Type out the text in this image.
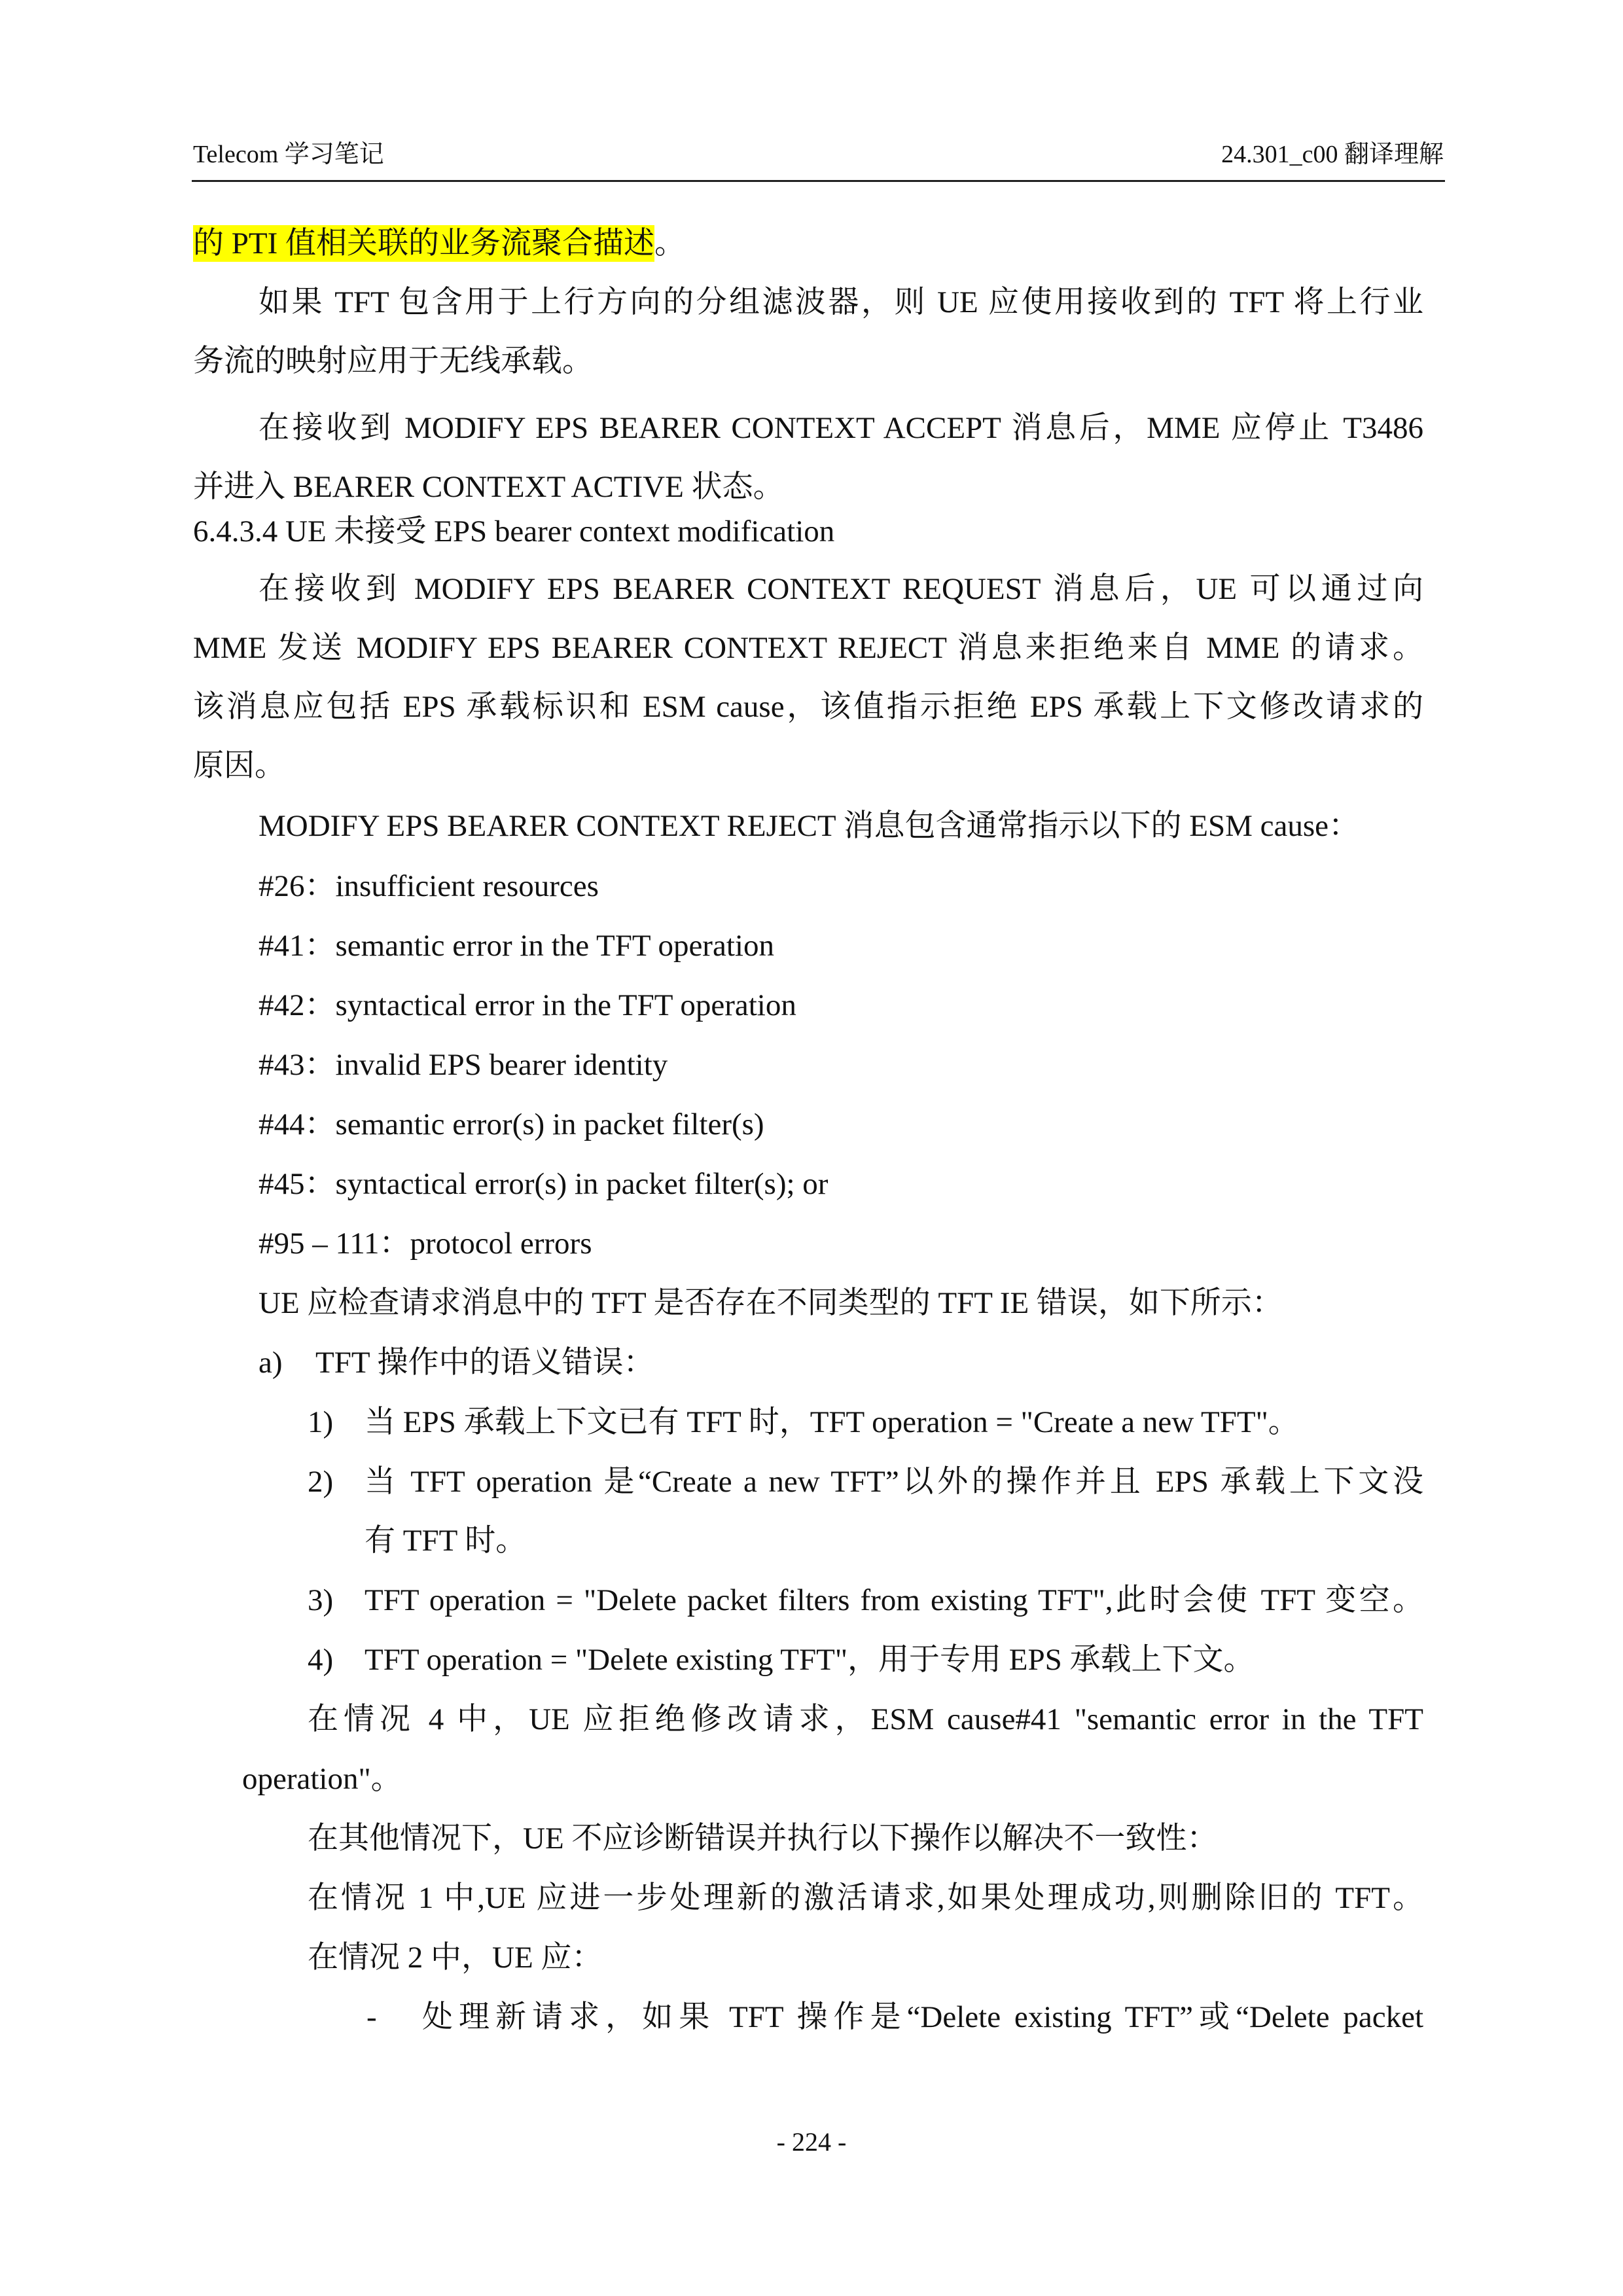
Telecom 学习笔记	24.301_c00 翻译理解
的 PTI 值相关联的业务流聚合描述。
如果 TFT 包含用于上行方向的分组滤波器，则 UE 应使用接收到的 TFT 将上行业
务流的映射应用于无线承载。
在接收到 MODIFY EPS BEARER CONTEXT ACCEPT 消息后，MME 应停止 T3486
并进入 BEARER CONTEXT ACTIVE 状态。
6.4.3.4 UE 未接受 EPS bearer context modification
在接收到 MODIFY EPS BEARER CONTEXT REQUEST 消息后，UE 可以通过向
MME 发送 MODIFY EPS BEARER CONTEXT REJECT 消息来拒绝来自 MME 的请求。
该消息应包括 EPS 承载标识和 ESM cause，该值指示拒绝 EPS 承载上下文修改请求的
原因。
MODIFY EPS BEARER CONTEXT REJECT 消息包含通常指示以下的 ESM cause：
#26：insufficient resources
#41：semantic error in the TFT operation
#42：syntactical error in the TFT operation
#43：invalid EPS bearer identity
#44：semantic error(s) in packet filter(s)
#45：syntactical error(s) in packet filter(s); or
#95 – 111：protocol errors
UE 应检查请求消息中的 TFT 是否存在不同类型的 TFT IE 错误，如下所示：
a) TFT 操作中的语义错误：
1) 当 EPS 承载上下文已有 TFT 时，TFT operation = "Create a new TFT"。
2) 当 TFT operation 是“Create a new TFT”以外的操作并且 EPS 承载上下文没
有 TFT 时。
3) TFT operation = "Delete packet filters from existing TFT",此时会使 TFT 变空。
4) TFT operation = "Delete existing TFT"，用于专用 EPS 承载上下文。
在情况 4 中，UE 应拒绝修改请求，ESM cause#41 "semantic error in the TFT
operation"。
在其他情况下，UE 不应诊断错误并执行以下操作以解决不一致性：
在情况 1 中,UE 应进一步处理新的激活请求,如果处理成功,则删除旧的 TFT。
在情况 2 中，UE 应：
- 处理新请求，如果 TFT 操作是“Delete existing TFT”或“Delete packet
- 224 -
